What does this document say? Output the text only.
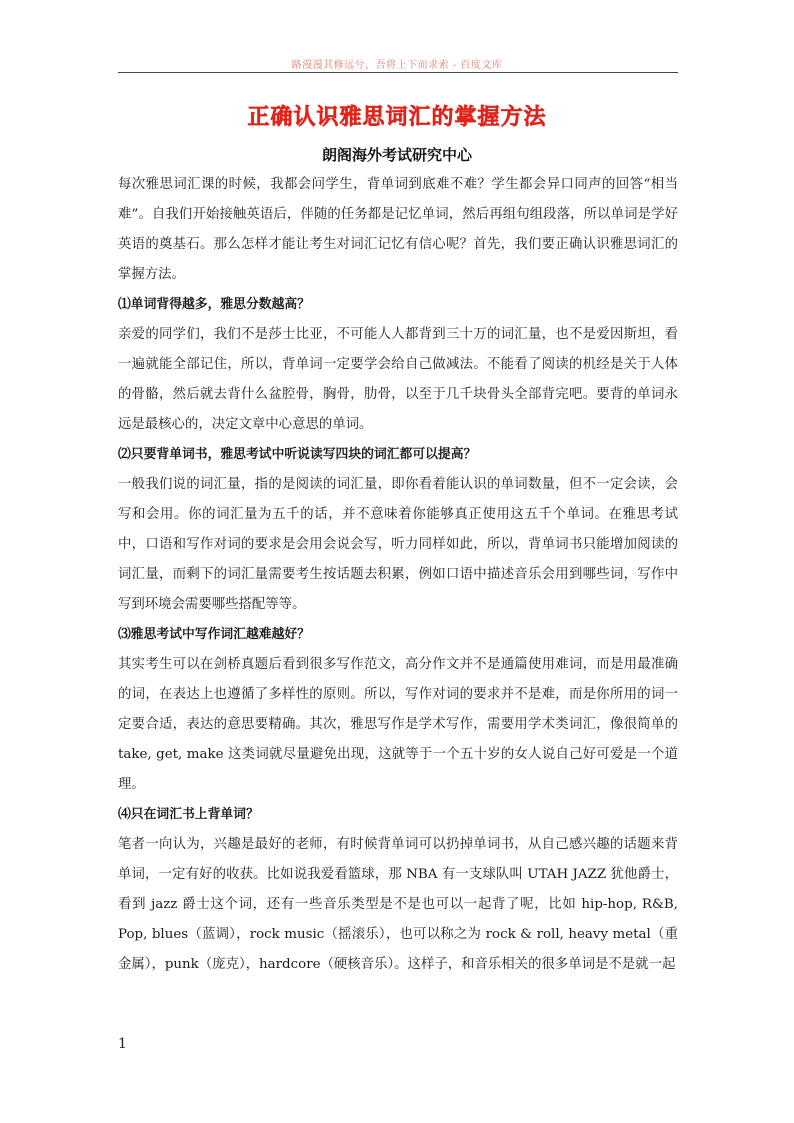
路漫漫其修远兮，吾将上下而求索 - 百度文库
正确认识雅思词汇的掌握方法
朗阁海外考试研究中心

每次雅思词汇课的时候，我都会问学生，背单词到底难不难？学生都会异口同声的回答“相当难”。自我们开始接触英语后，伴随的任务都是记忆单词，然后再组句组段落，所以单词是学好英语的奠基石。那么怎样才能让考生对词汇记忆有信心呢？首先，我们要正确认识雅思词汇的掌握方法。

⑴单词背得越多，雅思分数越高？

亲爱的同学们，我们不是莎士比亚，不可能人人都背到三十万的词汇量，也不是爱因斯坦，看一遍就能全部记住，所以，背单词一定要学会给自己做减法。不能看了阅读的机经是关于人体的骨骼，然后就去背什么盆腔骨，胸骨，肋骨，以至于几千块骨头全部背完吧。要背的单词永远是最核心的，决定文章中心意思的单词。

⑵只要背单词书，雅思考试中听说读写四块的词汇都可以提高？

一般我们说的词汇量，指的是阅读的词汇量，即你看着能认识的单词数量，但不一定会读，会写和会用。你的词汇量为五千的话，并不意味着你能够真正使用这五千个单词。在雅思考试中，口语和写作对词的要求是会用会说会写，听力同样如此，所以，背单词书只能增加阅读的词汇量，而剩下的词汇量需要考生按话题去积累，例如口语中描述音乐会用到哪些词，写作中写到环境会需要哪些搭配等等。

⑶雅思考试中写作词汇越难越好？

其实考生可以在剑桥真题后看到很多写作范文，高分作文并不是通篇使用难词，而是用最准确的词，在表达上也遵循了多样性的原则。所以，写作对词的要求并不是难，而是你所用的词一定要合适，表达的意思要精确。其次，雅思写作是学术写作，需要用学术类词汇，像很简单的 take, get, make 这类词就尽量避免出现，这就等于一个五十岁的女人说自己好可爱是一个道理。

⑷只在词汇书上背单词？

笔者一向认为，兴趣是最好的老师，有时候背单词可以扔掉单词书，从自己感兴趣的话题来背单词，一定有好的收获。比如说我爱看篮球，那 NBA 有一支球队叫 UTAH JAZZ 犹他爵士，看到 jazz 爵士这个词，还有一些音乐类型是不是也可以一起背了呢，比如 hip-hop, R&B, Pop, blues（蓝调），rock music（摇滚乐），也可以称之为 rock & roll, heavy metal（重金属），punk（庞克），hardcore（硬核音乐）。这样子，和音乐相关的很多单词是不是就一起

1
